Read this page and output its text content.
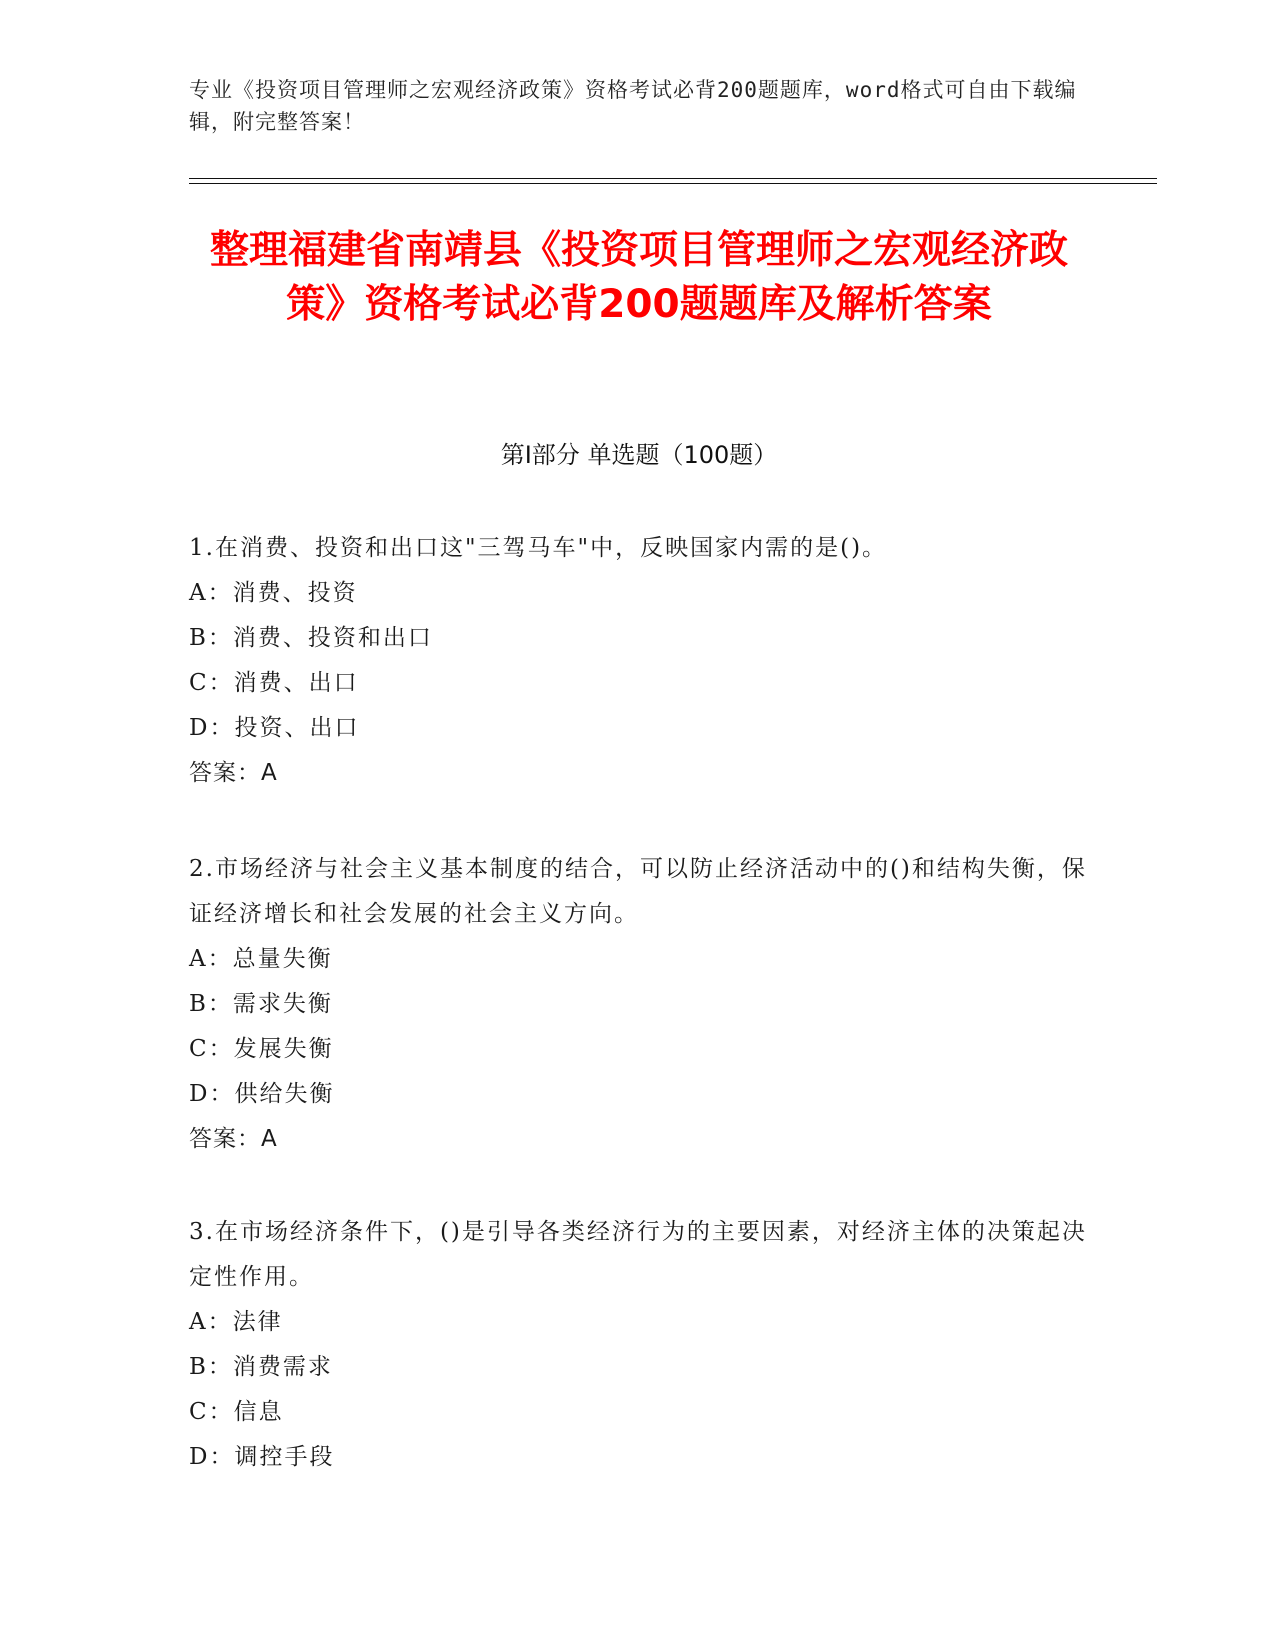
专业《投资项目管理师之宏观经济政策》资格考试必背200题题库，word格式可自由下载编辑，附完整答案！
整理福建省南靖县《投资项目管理师之宏观经济政策》资格考试必背200题题库及解析答案
第I部分 单选题（100题）
1.在消费、投资和出口这"三驾马车"中，反映国家内需的是()。
A：消费、投资
B：消费、投资和出口
C：消费、出口
D：投资、出口
答案：A
2.市场经济与社会主义基本制度的结合，可以防止经济活动中的()和结构失衡，保证经济增长和社会发展的社会主义方向。
A：总量失衡
B：需求失衡
C：发展失衡
D：供给失衡
答案：A
3.在市场经济条件下，()是引导各类经济行为的主要因素，对经济主体的决策起决定性作用。
A：法律
B：消费需求
C：信息
D：调控手段
